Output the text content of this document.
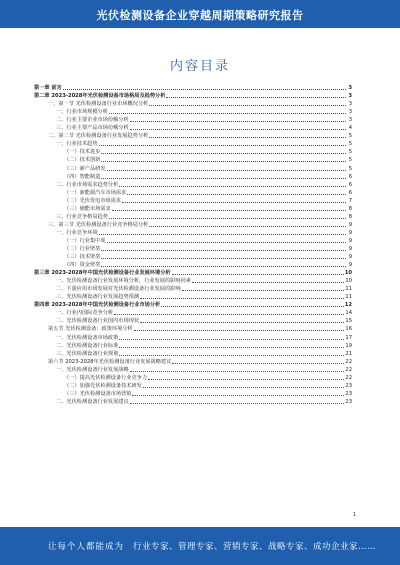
光伏检测设备企业穿越周期策略研究报告
内容目录
第一章 前言	3
第二章 2023-2028年光伏检测设备市场格局及趋势分析	3
一、第一节 光伏检测设备行业市场概况分析	3
一、行业市场规模分析	3
二、行业主要企业市场份额分析	3
三、行业主要产品市场份额分析	4
二、第二节 光伏检测设备行业发展趋势分析	5
一、行业技术趋势	5
（一）技术进步	5
（二）技术创新	5
（三）新产品研发	5
（四）智能制造	6
二、行业市场需求趋势分析	6
（一）新能源汽车市场需求	6
（二）光伏发电市场需求	7
（三）储能市场需求	8
三、行业竞争格局趋势	8
三、第三节 光伏检测设备行业竞争格局分析	9
一、行业竞争环境	9
（一）行业集中度	9
（二）行业壁垒	9
（三）技术壁垒	9
（四）资金壁垒	9
第三章 2023-2028年中国光伏检测设备行业发展环境分析	10
一、光伏检测设备行业发展环境分析，行业发展的影响因素	10
二、下游应用市场发展对光伏检测设备行业发展的影响	11
三、光伏检测设备行业发展趋势预测	11
第四章 2023-2028年中国光伏检测设备行业市场分析	12
一、行业内国际竞争分析	14
二、光伏检测设备行业国内市场现状	15
第五节 光伏检测设备：政策环境分析	16
一、光伏检测设备市场政策	17
二、光伏检测设备行业标准	19
三、光伏检测设备行业规划	21
第六节 2023-2028年光伏检测设备行业发展战略建议	22
一、光伏检测设备行业发展战略	22
（一）提高光伏检测设备行业竞争力	22
（二）加强光伏检测设备技术研发	23
（三）光伏检测设备市场营销	23
二、光伏检测设备行业发展建议	23
1
让每个人都能成为 行业专家、管理专家、营销专家、战略专家、成功企业家……
